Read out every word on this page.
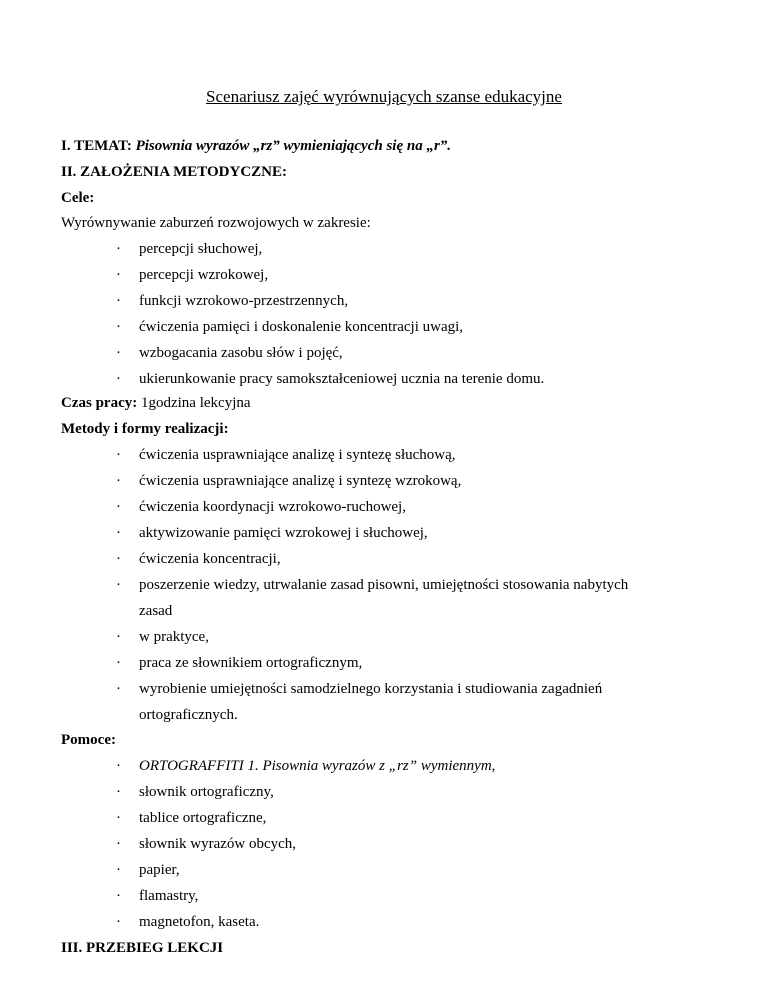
Scenariusz zajęć wyrównujących szanse edukacyjne
I. TEMAT: Pisownia wyrazów „rz” wymieniających się na „r”.
II. ZAŁOŻENIA METODYCZNE:
Cele:
Wyrównywanie zaburzeń rozwojowych w zakresie:
· percepcji słuchowej,
· percepcji wzrokowej,
· funkcji wzrokowo-przestrzennych,
· ćwiczenia pamięci i doskonalenie koncentracji uwagi,
· wzbogacania zasobu słów i pojęć,
· ukierunkowanie pracy samokształceniowej ucznia na terenie domu.
Czas pracy: 1godzina lekcyjna
Metody i formy realizacji:
· ćwiczenia usprawniające analizę i syntezę słuchową,
· ćwiczenia usprawniające analizę i syntezę wzrokową,
· ćwiczenia koordynacji wzrokowo-ruchowej,
· aktywizowanie pamięci wzrokowej i słuchowej,
· ćwiczenia koncentracji,
· poszerzenie wiedzy, utrwalanie zasad pisowni, umiejętności stosowania nabytych
zasad
· w praktyce,
· praca ze słownikiem ortograficznym,
· wyrobienie umiejętności samodzielnego korzystania i studiowania zagadnień
ortograficznych.
Pomoce:
· ORTOGRAFFITI 1. Pisownia wyrazów z „rz” wymiennym,
· słownik ortograficzny,
· tablice ortograficzne,
· słownik wyrazów obcych,
· papier,
· flamastry,
· magnetofon, kaseta.
III. PRZEBIEG LEKCJI
